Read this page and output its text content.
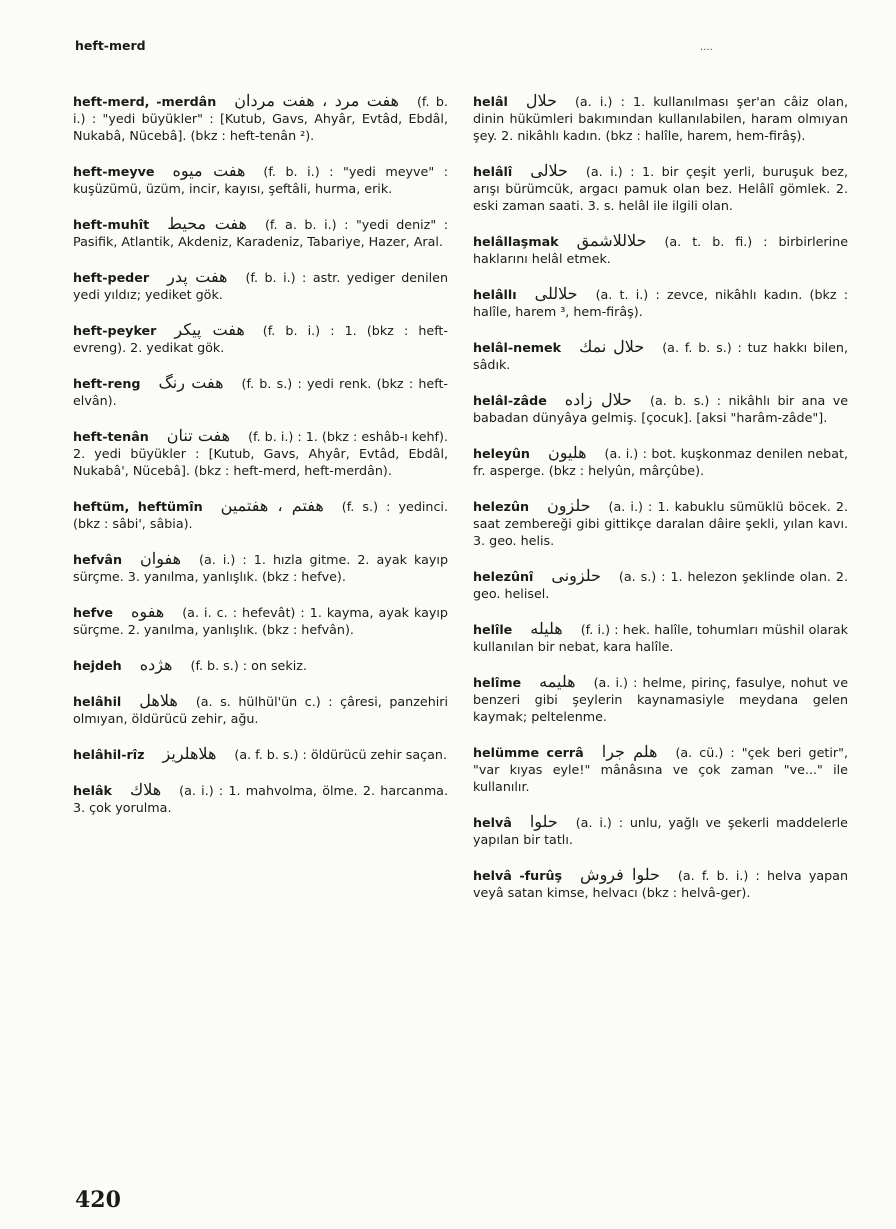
heft-merd	....

heft-merd, -merdân هفت مرد ، هفت مردان (f. b. i.) : "yedi büyükler" : [Kutub, Gavs, Ahyâr, Evtâd, Ebdâl, Nukabâ, Nücebâ]. (bkz : heft-tenân ²).

heft-meyve هفت میوه (f. b. i.) : "yedi meyve" : kuşüzümü, üzüm, incir, kayısı, şeftâli, hurma, erik.

heft-muhît هفت محیط (f. a. b. i.) : "yedi deniz" : Pasifik, Atlantik, Akdeniz, Karadeniz, Tabariye, Hazer, Aral.

heft-peder هفت پدر (f. b. i.) : astr. yediger denilen yedi yıldız; yediket gök.

heft-peyker هفت پیکر (f. b. i.) : 1. (bkz : heft-evreng). 2. yedikat gök.

heft-reng هفت رنگ (f. b. s.) : yedi renk. (bkz : heft-elvân).

heft-tenân هفت تنان (f. b. i.) : 1. (bkz : eshâb-ı kehf). 2. yedi büyükler : [Kutub, Gavs, Ahyâr, Evtâd, Ebdâl, Nukabâ', Nücebâ]. (bkz : heft-merd, heft-merdân).

heftüm, heftümîn هفتم ، هفتمین (f. s.) : yedinci. (bkz : sâbi', sâbia).

hefvân هفوان (a. i.) : 1. hızla gitme. 2. ayak kayıp sürçme. 3. yanılma, yanlışlık. (bkz : hefve).

hefve هفوه (a. i. c. : hefevât) : 1. kayma, ayak kayıp sürçme. 2. yanılma, yanlışlık. (bkz : hefvân).

hejdeh هژده (f. b. s.) : on sekiz.

helâhil هلاهل (a. s. hülhül'ün c.) : çâresi, panzehiri olmıyan, öldürücü zehir, ağu.

helâhil-rîz هلاهلریز (a. f. b. s.) : öldürücü zehir saçan.

helâk هلاك (a. i.) : 1. mahvolma, ölme. 2. harcanma. 3. çok yorulma.

helâl حلال (a. i.) : 1. kullanılması şer'an câiz olan, dinin hükümleri bakımından kullanılabilen, haram olmıyan şey. 2. nikâhlı kadın. (bkz : halîle, harem, hem-firâş).

helâlî حلالی (a. i.) : 1. bir çeşit yerli, buruşuk bez, arışı bürümcük, argacı pamuk olan bez. Helâlî gömlek. 2. eski zaman saati. 3. s. helâl ile ilgili olan.

helâllaşmak حلاللاشمق (a. t. b. fi.) : birbirlerine haklarını helâl etmek.

helâllı حلاللی (a. t. i.) : zevce, nikâhlı kadın. (bkz : halîle, harem ³, hem-firâş).

helâl-nemek حلال نمك (a. f. b. s.) : tuz hakkı bilen, sâdık.

helâl-zâde حلال زاده (a. b. s.) : nikâhlı bir ana ve babadan dünyâya gelmiş. [çocuk]. [aksi "harâm-zâde"].

heleyûn هلیون (a. i.) : bot. kuşkonmaz denilen nebat, fr. asperge. (bkz : helyûn, mârçûbe).

helezûn حلزون (a. i.) : 1. kabuklu sümüklü böcek. 2. saat zembereği gibi gittikçe daralan dâire şekli, yılan kavı. 3. geo. helis.

helezûnî حلزونی (a. s.) : 1. helezon şeklinde olan. 2. geo. helisel.

helîle هلیله (f. i.) : hek. halîle, tohumları müshil olarak kullanılan bir nebat, kara halîle.

helîme هلیمه (a. i.) : helme, pirinç, fasulye, nohut ve benzeri gibi şeylerin kaynamasiyle meydana gelen kaymak; peltelenme.

helümme cerrâ هلم جرا (a. cü.) : "çek beri getir", "var kıyas eyle!" mânâsına ve çok zaman "ve..." ile kullanılır.

helvâ حلوا (a. i.) : unlu, yağlı ve şekerli maddelerle yapılan bir tatlı.

helvâ -furûş حلوا فروش (a. f. b. i.) : helva yapan veyâ satan kimse, helvacı (bkz : helvâ-ger).

420
